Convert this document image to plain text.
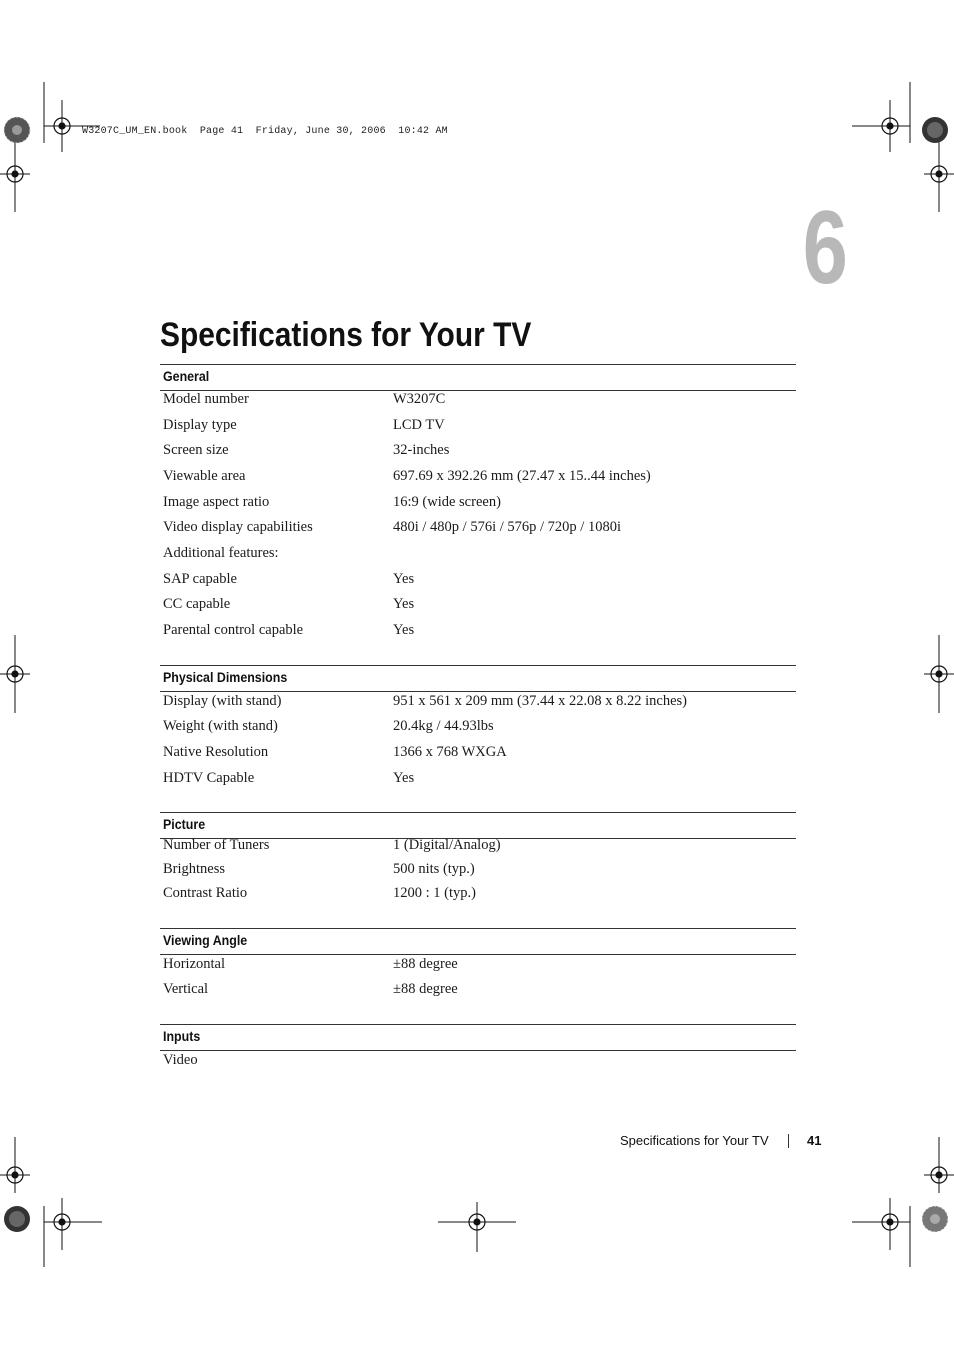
W3207C_UM_EN.book  Page 41  Friday, June 30, 2006  10:42 AM
6
Specifications for Your TV
General
Model number	W3207C
Display type	LCD TV
Screen size	32-inches
Viewable area	697.69 x 392.26 mm (27.47 x 15..44 inches)
Image aspect ratio	16:9 (wide screen)
Video display capabilities	480i / 480p / 576i / 576p / 720p / 1080i
Additional features:
SAP capable	Yes
CC capable	Yes
Parental control capable	Yes
Physical Dimensions
Display (with stand)	951 x 561 x 209 mm (37.44 x 22.08 x 8.22 inches)
Weight (with stand)	20.4kg / 44.93lbs
Native Resolution	1366 x 768 WXGA
HDTV Capable	Yes
Picture
Number of Tuners	1 (Digital/Analog)
Brightness	500 nits (typ.)
Contrast Ratio	1200 : 1 (typ.)
Viewing Angle
Horizontal	±88 degree
Vertical	±88 degree
Inputs
Video
Specifications for Your TV	41
